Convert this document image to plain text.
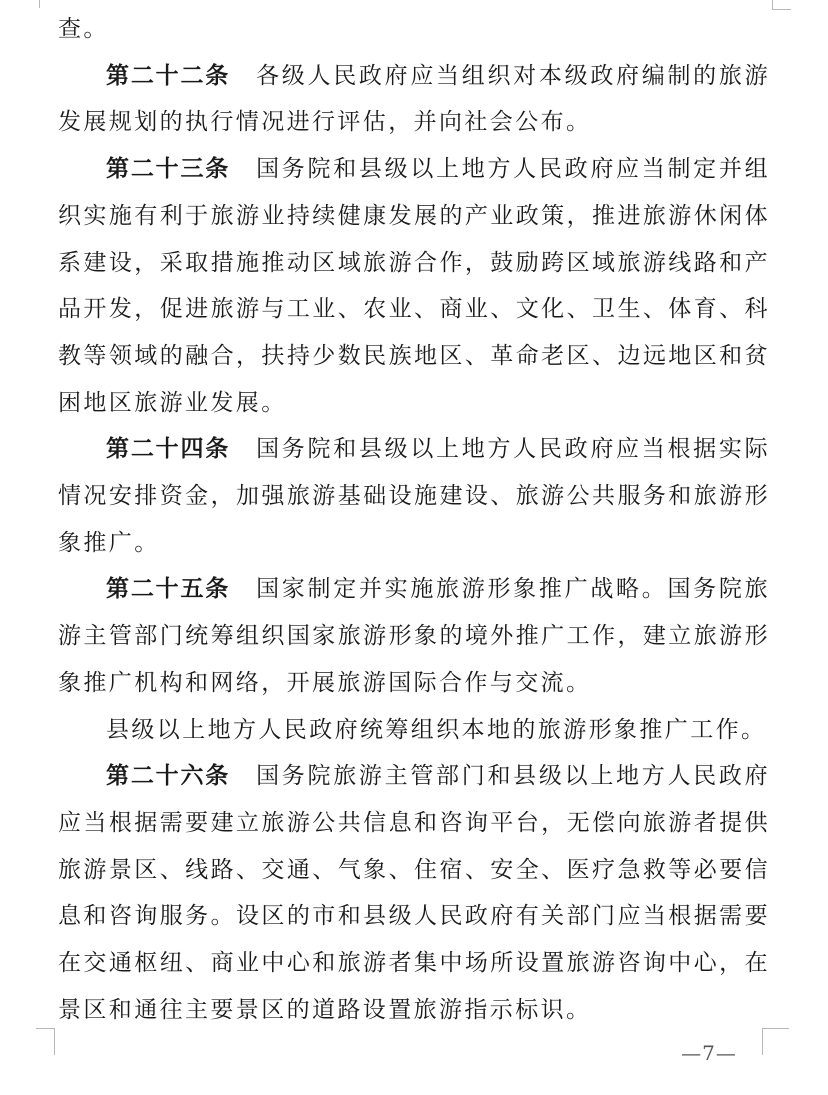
查。

第二十二条 各级人民政府应当组织对本级政府编制的旅游发展规划的执行情况进行评估，并向社会公布。

第二十三条 国务院和县级以上地方人民政府应当制定并组织实施有利于旅游业持续健康发展的产业政策，推进旅游休闲体系建设，采取措施推动区域旅游合作，鼓励跨区域旅游线路和产品开发，促进旅游与工业、农业、商业、文化、卫生、体育、科教等领域的融合，扶持少数民族地区、革命老区、边远地区和贫困地区旅游业发展。

第二十四条 国务院和县级以上地方人民政府应当根据实际情况安排资金，加强旅游基础设施建设、旅游公共服务和旅游形象推广。

第二十五条 国家制定并实施旅游形象推广战略。国务院旅游主管部门统筹组织国家旅游形象的境外推广工作，建立旅游形象推广机构和网络，开展旅游国际合作与交流。

县级以上地方人民政府统筹组织本地的旅游形象推广工作。

第二十六条 国务院旅游主管部门和县级以上地方人民政府应当根据需要建立旅游公共信息和咨询平台，无偿向旅游者提供旅游景区、线路、交通、气象、住宿、安全、医疗急救等必要信息和咨询服务。设区的市和县级人民政府有关部门应当根据需要在交通枢纽、商业中心和旅游者集中场所设置旅游咨询中心，在景区和通往主要景区的道路设置旅游指示标识。

—7—
